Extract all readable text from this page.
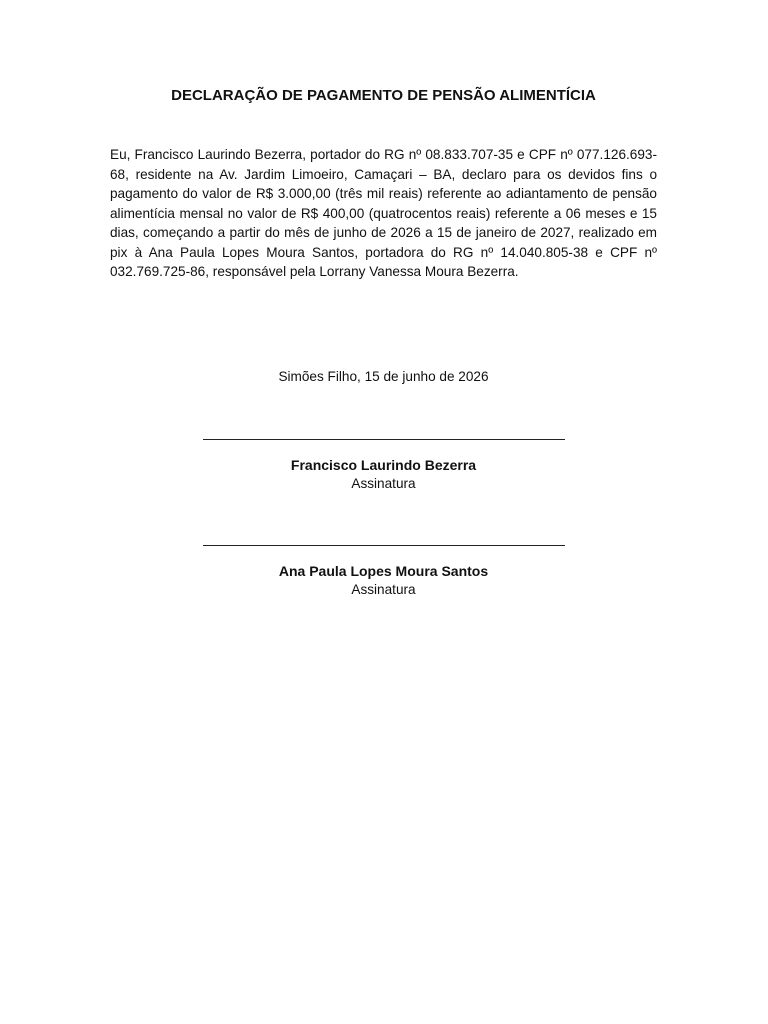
DECLARAÇÃO DE PAGAMENTO DE PENSÃO ALIMENTÍCIA
Eu, Francisco Laurindo Bezerra, portador do RG nº 08.833.707-35 e CPF nº 077.126.693-68, residente na Av. Jardim Limoeiro, Camaçari – BA, declaro para os devidos fins o pagamento do valor de R$ 3.000,00 (três mil reais) referente ao adiantamento de pensão alimentícia mensal no valor de R$ 400,00 (quatrocentos reais) referente a 06 meses e 15 dias, começando a partir do mês de junho de 2026 a 15 de janeiro de 2027, realizado em pix à Ana Paula Lopes Moura Santos, portadora do RG nº 14.040.805-38 e CPF nº 032.769.725-86, responsável pela Lorrany Vanessa Moura Bezerra.
Simões Filho, 15 de junho de 2026
Francisco Laurindo Bezerra
Assinatura
Ana Paula Lopes Moura Santos
Assinatura
